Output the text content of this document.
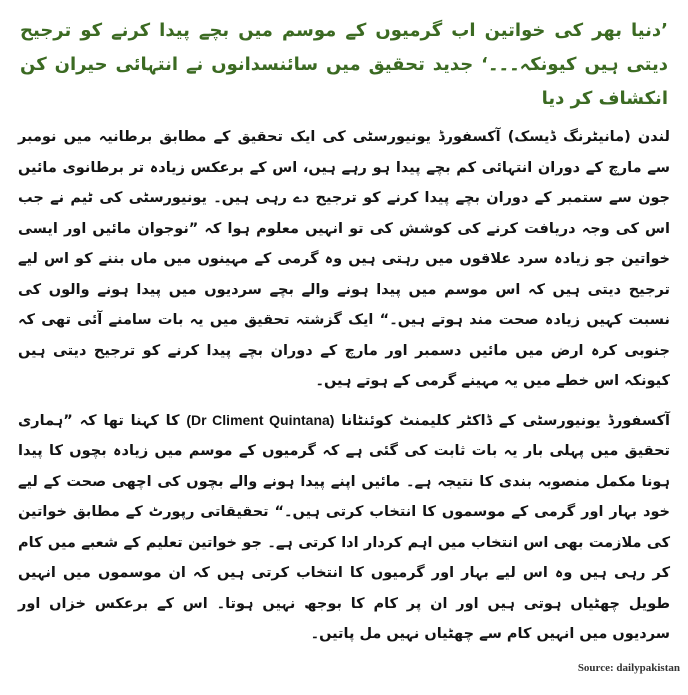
’دنیا بھر کی خواتین اب گرمیوں کے موسم میں بچے پیدا کرنے کو ترجیح دیتی ہیں کیونکہ۔۔۔‘ جدید تحقیق میں سائنسدانوں نے انتہائی حیران کن انکشاف کر دیا
لندن (مانیٹرنگ ڈیسک) آکسفورڈ یونیورسٹی کی ایک تحقیق کے مطابق برطانیہ میں نومبر سے مارچ کے دوران انتہائی کم بچے پیدا ہو رہے ہیں، اس کے برعکس زیادہ تر برطانوی مائیں جون سے ستمبر کے دوران بچے پیدا کرنے کو ترجیح دے رہی ہیں۔ یونیورسٹی کی ٹیم نے جب اس کی وجہ دریافت کرنے کی کوشش کی تو انہیں معلوم ہوا کہ ”نوجوان مائیں اور ایسی خواتین جو زیادہ سرد علاقوں میں رہتی ہیں وہ گرمی کے مہینوں میں ماں بننے کو اس لیے ترجیح دیتی ہیں کہ اس موسم میں پیدا ہونے والے بچے سردیوں میں پیدا ہونے والوں کی نسبت کہیں زیادہ صحت مند ہوتے ہیں۔“ ایک گزشتہ تحقیق میں یہ بات سامنے آئی تھی کہ جنوبی کرہ ارض میں مائیں دسمبر اور مارچ کے دوران بچے پیدا کرنے کو ترجیح دیتی ہیں کیونکہ اس خطے میں یہ مہینے گرمی کے ہوتے ہیں۔
آکسفورڈ یونیورسٹی کے ڈاکٹر کلیمنٹ کوئنٹانا (Dr Climent Quintana) کا کہنا تھا کہ ”ہماری تحقیق میں پہلی بار یہ بات ثابت کی گئی ہے کہ گرمیوں کے موسم میں زیادہ بچوں کا پیدا ہونا مکمل منصوبہ بندی کا نتیجہ ہے۔ مائیں اپنے پیدا ہونے والے بچوں کی اچھی صحت کے لیے خود بہار اور گرمی کے موسموں کا انتخاب کرتی ہیں۔“ تحقیقاتی رپورٹ کے مطابق خواتین کی ملازمت بھی اس انتخاب میں اہم کردار ادا کرتی ہے۔ جو خواتین تعلیم کے شعبے میں کام کر رہی ہیں وہ اس لیے بہار اور گرمیوں کا انتخاب کرتی ہیں کہ ان موسموں میں انہیں طویل چھٹیاں ہوتی ہیں اور ان پر کام کا بوجھ نہیں ہوتا۔ اس کے برعکس خزاں اور سردیوں میں انہیں کام سے چھٹیاں نہیں مل پاتیں۔
Source: dailypakistan
